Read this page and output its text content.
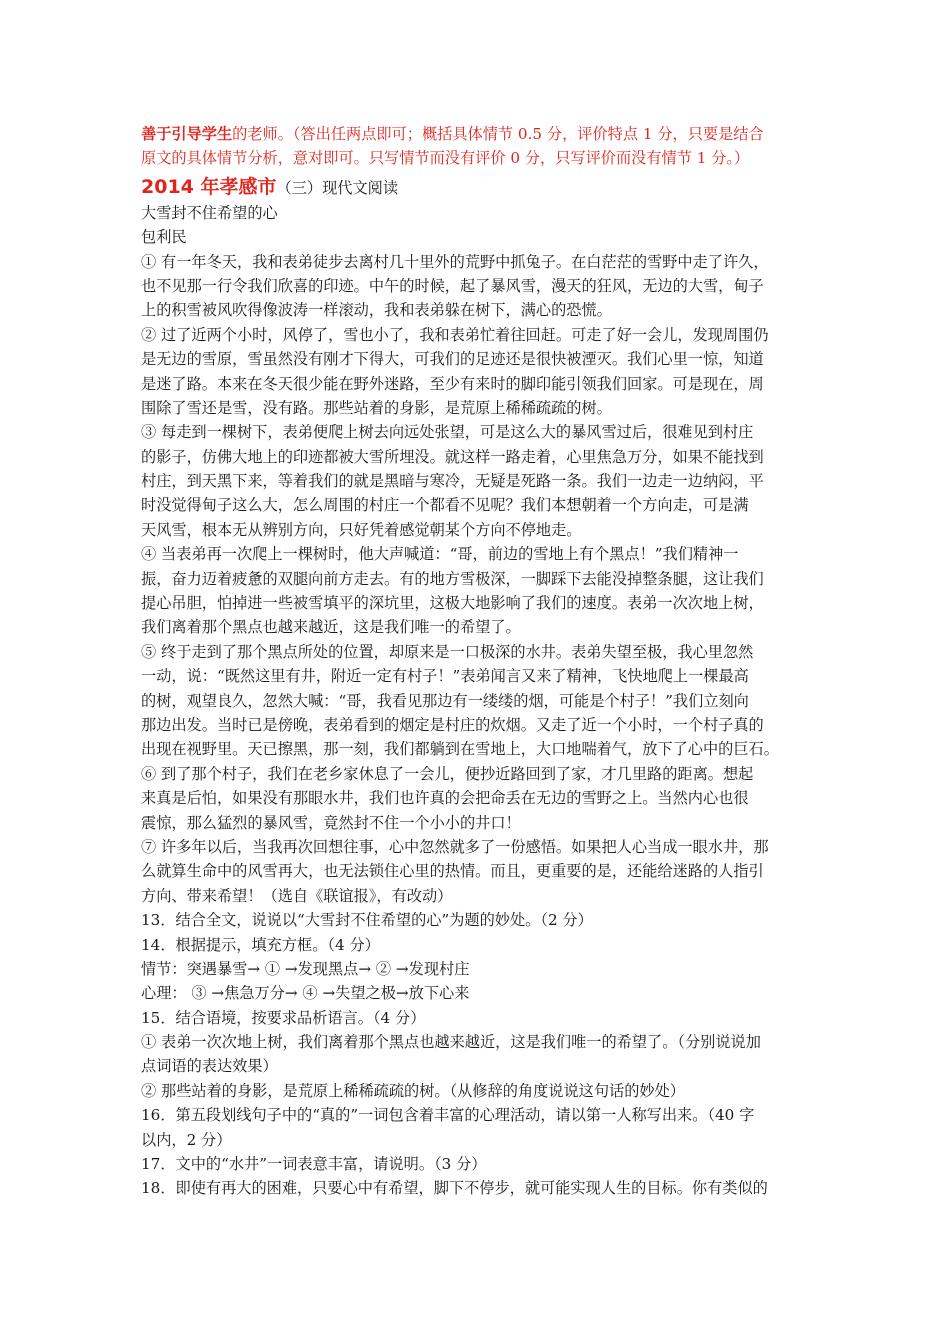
善于引导学生的老师。（答出任两点即可；概括具体情节 0.5 分，评价特点 1 分，只要是结合
原文的具体情节分析，意对即可。只写情节而没有评价 0 分，只写评价而没有情节 1 分。）
2014 年孝感市（三）现代文阅读
大雪封不住希望的心
包利民
① 有一年冬天，我和表弟徒步去离村几十里外的荒野中抓兔子。在白茫茫的雪野中走了许久，
也不见那一行令我们欣喜的印迹。中午的时候，起了暴风雪，漫天的狂风，无边的大雪，甸子
上的积雪被风吹得像波涛一样滚动，我和表弟躲在树下，满心的恐慌。
② 过了近两个小时，风停了，雪也小了，我和表弟忙着往回赶。可走了好一会儿，发现周围仍
是无边的雪原，雪虽然没有刚才下得大，可我们的足迹还是很快被湮灭。我们心里一惊，知道
是迷了路。本来在冬天很少能在野外迷路，至少有来时的脚印能引领我们回家。可是现在，周
围除了雪还是雪，没有路。那些站着的身影，是荒原上稀稀疏疏的树。
③ 每走到一棵树下，表弟便爬上树去向远处张望，可是这么大的暴风雪过后，很难见到村庄
的影子，仿佛大地上的印迹都被大雪所埋没。就这样一路走着，心里焦急万分，如果不能找到
村庄，到天黑下来，等着我们的就是黑暗与寒冷，无疑是死路一条。我们一边走一边纳闷，平
时没觉得甸子这么大，怎么周围的村庄一个都看不见呢？我们本想朝着一个方向走，可是满
天风雪，根本无从辨别方向，只好凭着感觉朝某个方向不停地走。
④ 当表弟再一次爬上一棵树时，他大声喊道：“哥，前边的雪地上有个黑点！”我们精神一
振，奋力迈着疲惫的双腿向前方走去。有的地方雪极深，一脚踩下去能没掉整条腿，这让我们
提心吊胆，怕掉进一些被雪填平的深坑里，这极大地影响了我们的速度。表弟一次次地上树，
我们离着那个黑点也越来越近，这是我们唯一的希望了。
⑤ 终于走到了那个黑点所处的位置，却原来是一口极深的水井。表弟失望至极，我心里忽然
一动，说：“既然这里有井，附近一定有村子！”表弟闻言又来了精神，飞快地爬上一棵最高
的树，观望良久，忽然大喊：“哥，我看见那边有一缕缕的烟，可能是个村子！”我们立刻向
那边出发。当时已是傍晚，表弟看到的烟定是村庄的炊烟。又走了近一个小时，一个村子真的
出现在视野里。天已擦黑，那一刻，我们都躺到在雪地上，大口地喘着气，放下了心中的巨石。
⑥ 到了那个村子，我们在老乡家休息了一会儿，便抄近路回到了家，才几里路的距离。想起
来真是后怕，如果没有那眼水井，我们也许真的会把命丢在无边的雪野之上。当然内心也很
震惊，那么猛烈的暴风雪，竟然封不住一个小小的井口！
⑦ 许多年以后，当我再次回想往事，心中忽然就多了一份感悟。如果把人心当成一眼水井，那
么就算生命中的风雪再大，也无法锁住心里的热情。而且，更重要的是，还能给迷路的人指引
方向、带来希望！（选自《联谊报》，有改动）
13．结合全文，说说以“大雪封不住希望的心”为题的妙处。（2 分）
14．根据提示，填充方框。（4 分）
情节：突遇暴雪→ ① →发现黑点→ ② →发现村庄
心理： ③ →焦急万分→ ④ →失望之极→放下心来
15．结合语境，按要求品析语言。（4 分）
① 表弟一次次地上树，我们离着那个黑点也越来越近，这是我们唯一的希望了。（分别说说加
点词语的表达效果）
② 那些站着的身影，是荒原上稀稀疏疏的树。（从修辞的角度说说这句话的妙处）
16．第五段划线句子中的“真的”一词包含着丰富的心理活动，请以第一人称写出来。（40 字
以内，2 分）
17．文中的“水井”一词表意丰富，请说明。（3 分）
18．即使有再大的困难，只要心中有希望，脚下不停步，就可能实现人生的目标。你有类似的
